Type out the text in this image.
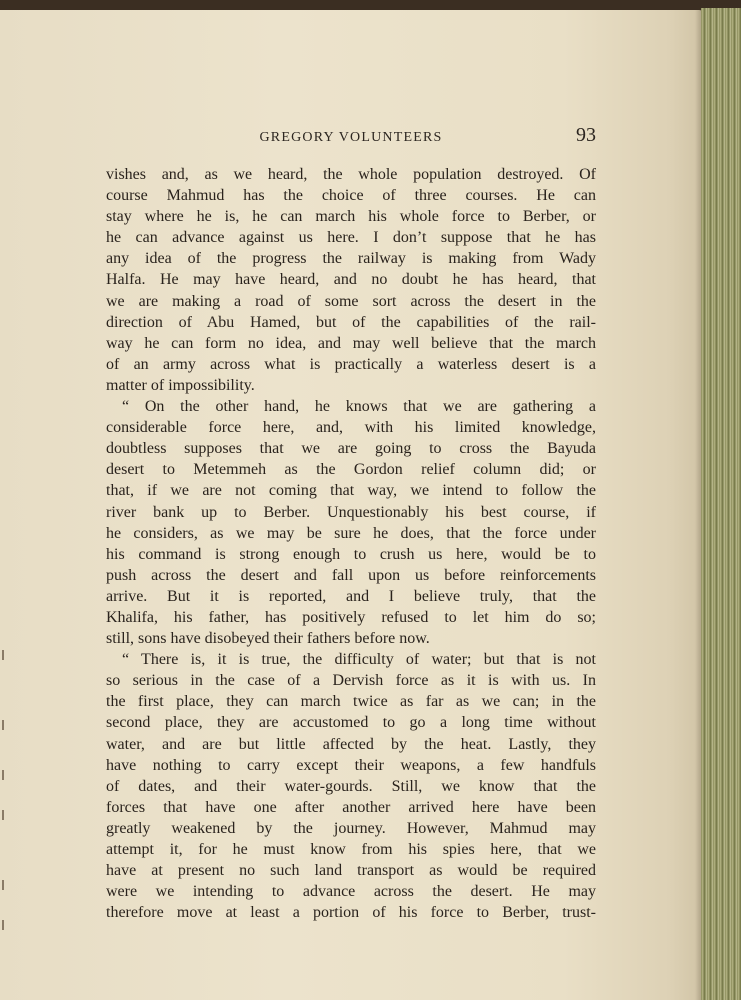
GREGORY VOLUNTEERS	93
vishes and, as we heard, the whole population destroyed. Of
course Mahmud has the choice of three courses. He can
stay where he is, he can march his whole force to Berber, or
he can advance against us here. I don’t suppose that he has
any idea of the progress the railway is making from Wady
Halfa. He may have heard, and no doubt he has heard, that
we are making a road of some sort across the desert in the
direction of Abu Hamed, but of the capabilities of the rail-
way he can form no idea, and may well believe that the march
of an army across what is practically a waterless desert is a
matter of impossibility.
“ On the other hand, he knows that we are gathering a
considerable force here, and, with his limited knowledge,
doubtless supposes that we are going to cross the Bayuda
desert to Metemmeh as the Gordon relief column did; or
that, if we are not coming that way, we intend to follow the
river bank up to Berber. Unquestionably his best course, if
he considers, as we may be sure he does, that the force under
his command is strong enough to crush us here, would be to
push across the desert and fall upon us before reinforcements
arrive. But it is reported, and I believe truly, that the
Khalifa, his father, has positively refused to let him do so;
still, sons have disobeyed their fathers before now.
“ There is, it is true, the difficulty of water; but that is not
so serious in the case of a Dervish force as it is with us. In
the first place, they can march twice as far as we can; in the
second place, they are accustomed to go a long time without
water, and are but little affected by the heat. Lastly, they
have nothing to carry except their weapons, a few handfuls
of dates, and their water-gourds. Still, we know that the
forces that have one after another arrived here have been
greatly weakened by the journey. However, Mahmud may
attempt it, for he must know from his spies here, that we
have at present no such land transport as would be required
were we intending to advance across the desert. He may
therefore move at least a portion of his force to Berber, trust-
